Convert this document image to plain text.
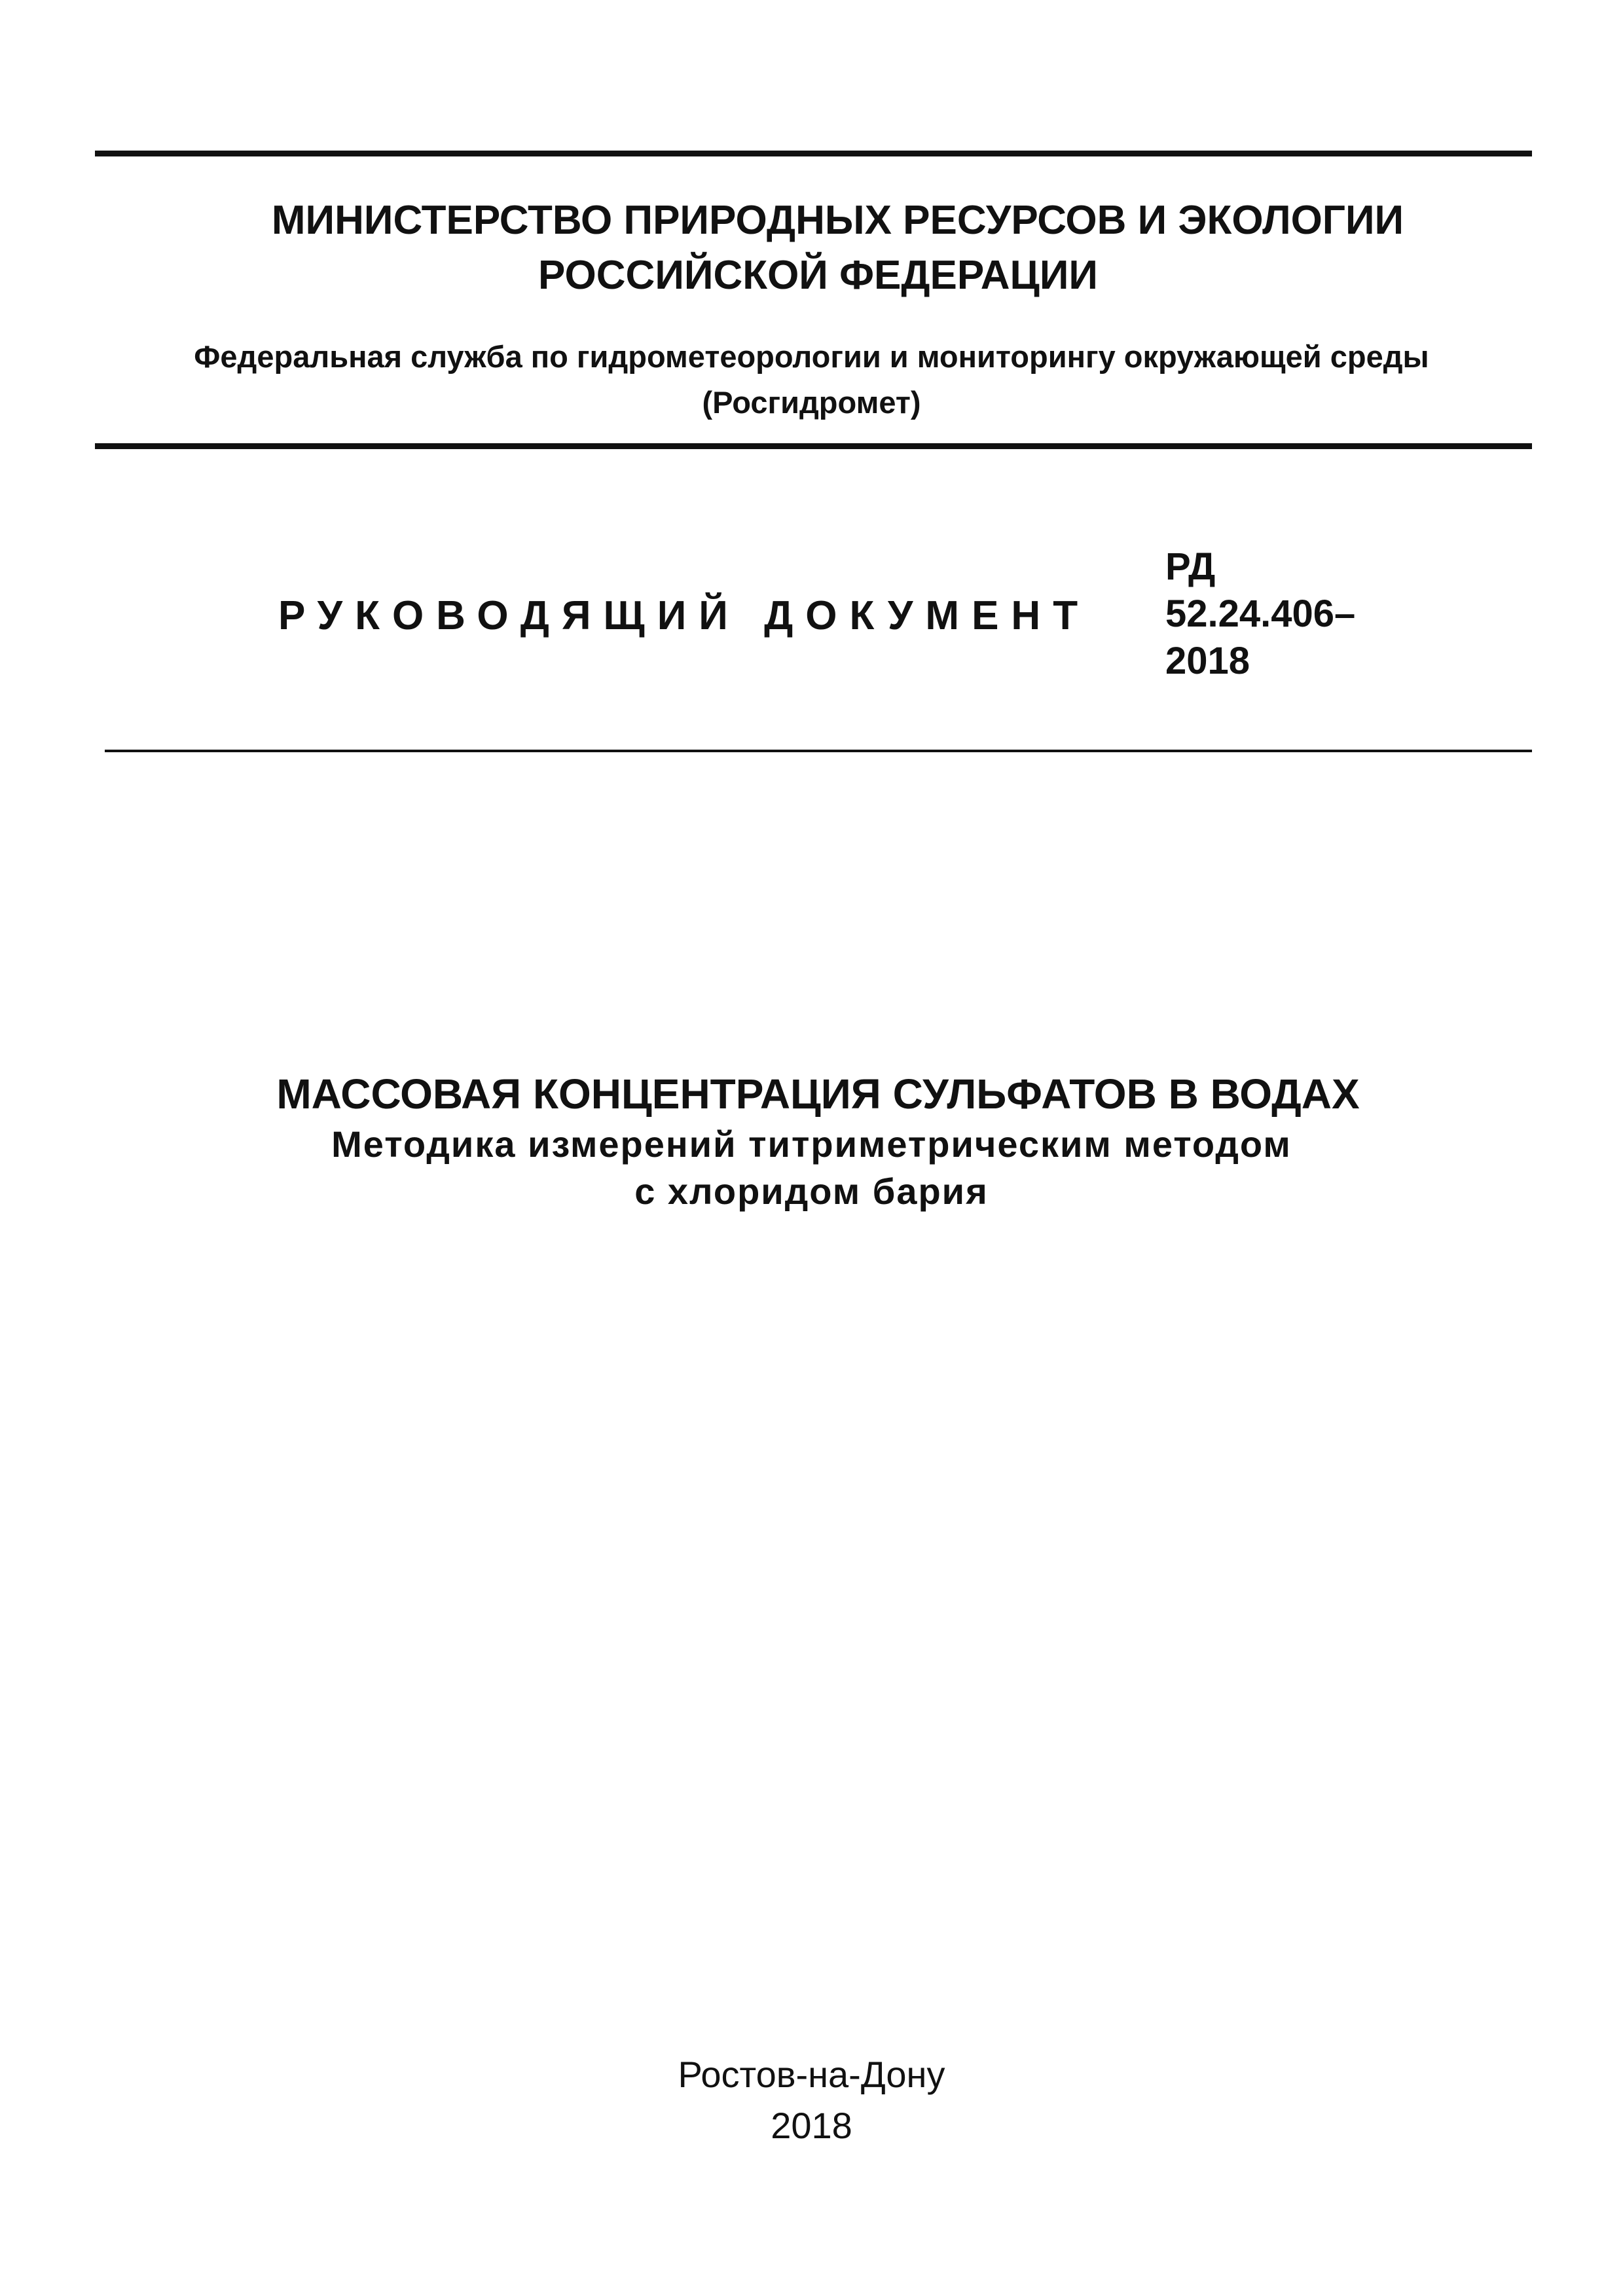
МИНИСТЕРСТВО ПРИРОДНЫХ РЕСУРСОВ И ЭКОЛОГИИ
РОССИЙСКОЙ ФЕДЕРАЦИИ
Федеральная служба по гидрометеорологии и мониторингу окружающей среды
(Росгидромет)
РУКОВОДЯЩИЙ ДОКУМЕНТ
РД
52.24.406–
2018
МАССОВАЯ КОНЦЕНТРАЦИЯ СУЛЬФАТОВ В ВОДАХ
Методика измерений титриметрическим методом
с хлоридом бария
Ростов-на-Дону
2018
